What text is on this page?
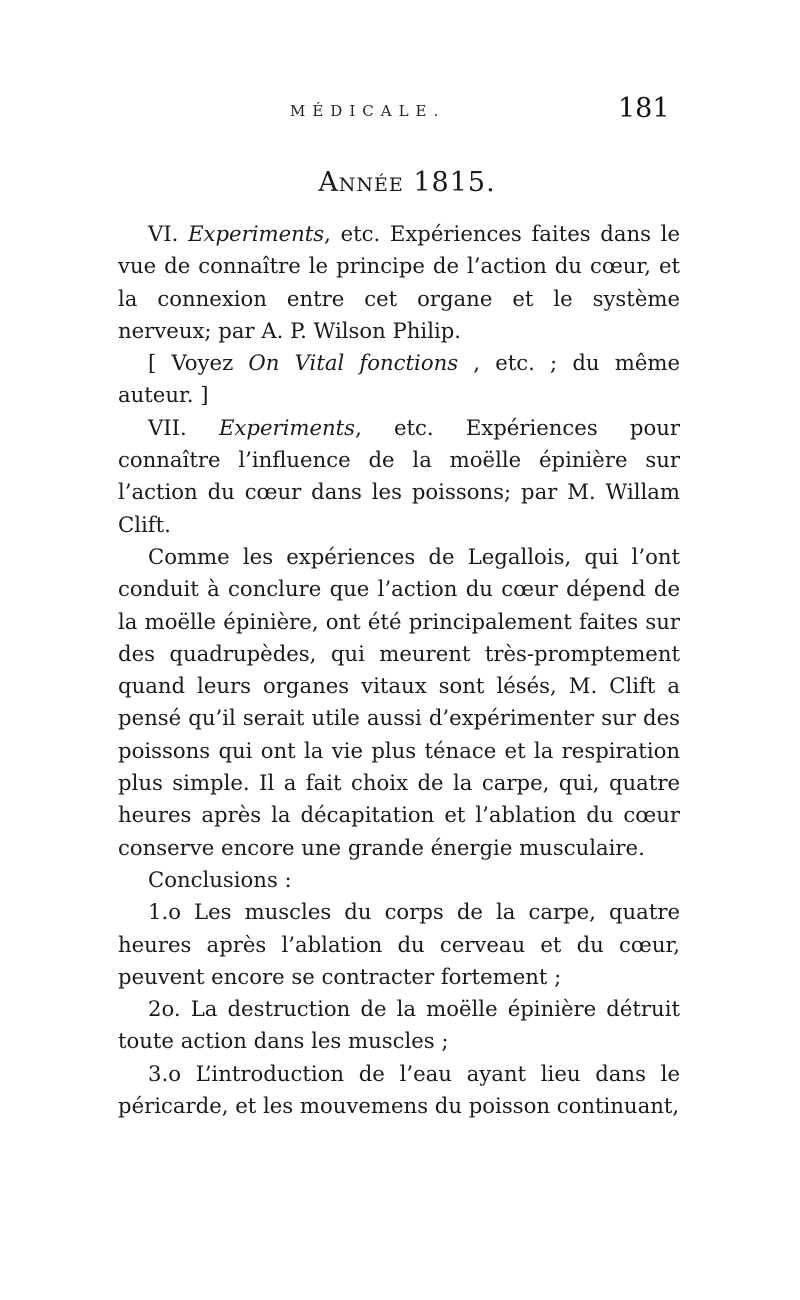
MÉDICALE.	181
Année 1815.

VI. Experiments, etc. Expériences faites dans le vue de connaître le principe de l’action du cœur, et la connexion entre cet organe et le système nerveux; par A. P. Wilson Philip.

[ Voyez On Vital fonctions , etc. ; du même auteur. ]

VII. Experiments, etc. Expériences pour connaître l’influence de la moëlle épinière sur l’action du cœur dans les poissons; par M. Willam Clift.

Comme les expériences de Legallois, qui l’ont conduit à conclure que l’action du cœur dépend de la moëlle épinière, ont été principalement faites sur des quadrupèdes, qui meurent très-promptement quand leurs organes vitaux sont lésés, M. Clift a pensé qu’il serait utile aussi d’expérimenter sur des poissons qui ont la vie plus ténace et la respiration plus simple. Il a fait choix de la carpe, qui, quatre heures après la décapitation et l’ablation du cœur conserve encore une grande énergie musculaire.

Conclusions :

1.o Les muscles du corps de la carpe, quatre heures après l’ablation du cerveau et du cœur, peuvent encore se contracter fortement ;

2o. La destruction de la moëlle épinière détruit toute action dans les muscles ;

3.o L’introduction de l’eau ayant lieu dans le péricarde, et les mouvemens du poisson continuant,
